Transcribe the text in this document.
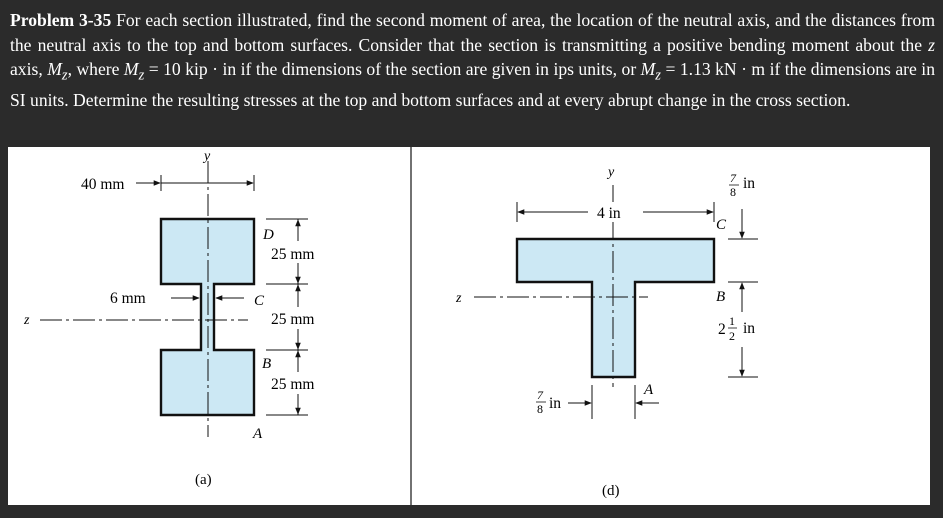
Problem 3-35 For each section illustrated, find the second moment of area, the location of the neutral axis, and the distances from the neutral axis to the top and bottom surfaces. Consider that the section is transmitting a positive bending moment about the z axis, $M_z$, where $M_z = 10$ kip · in if the dimensions of the section are given in ips units, or $M_z = 1.13$ kN · m if the dimensions are in SI units. Determine the resulting stresses at the top and bottom surfaces and at every abrupt change in the cross section.

y
z
40 mm
6 mm
25 mm
25 mm
25 mm
D
C
B
A
(a)
y
z
4 in
7
8 in
2 1
2 in
7
8 in
C
B
A
(d)
